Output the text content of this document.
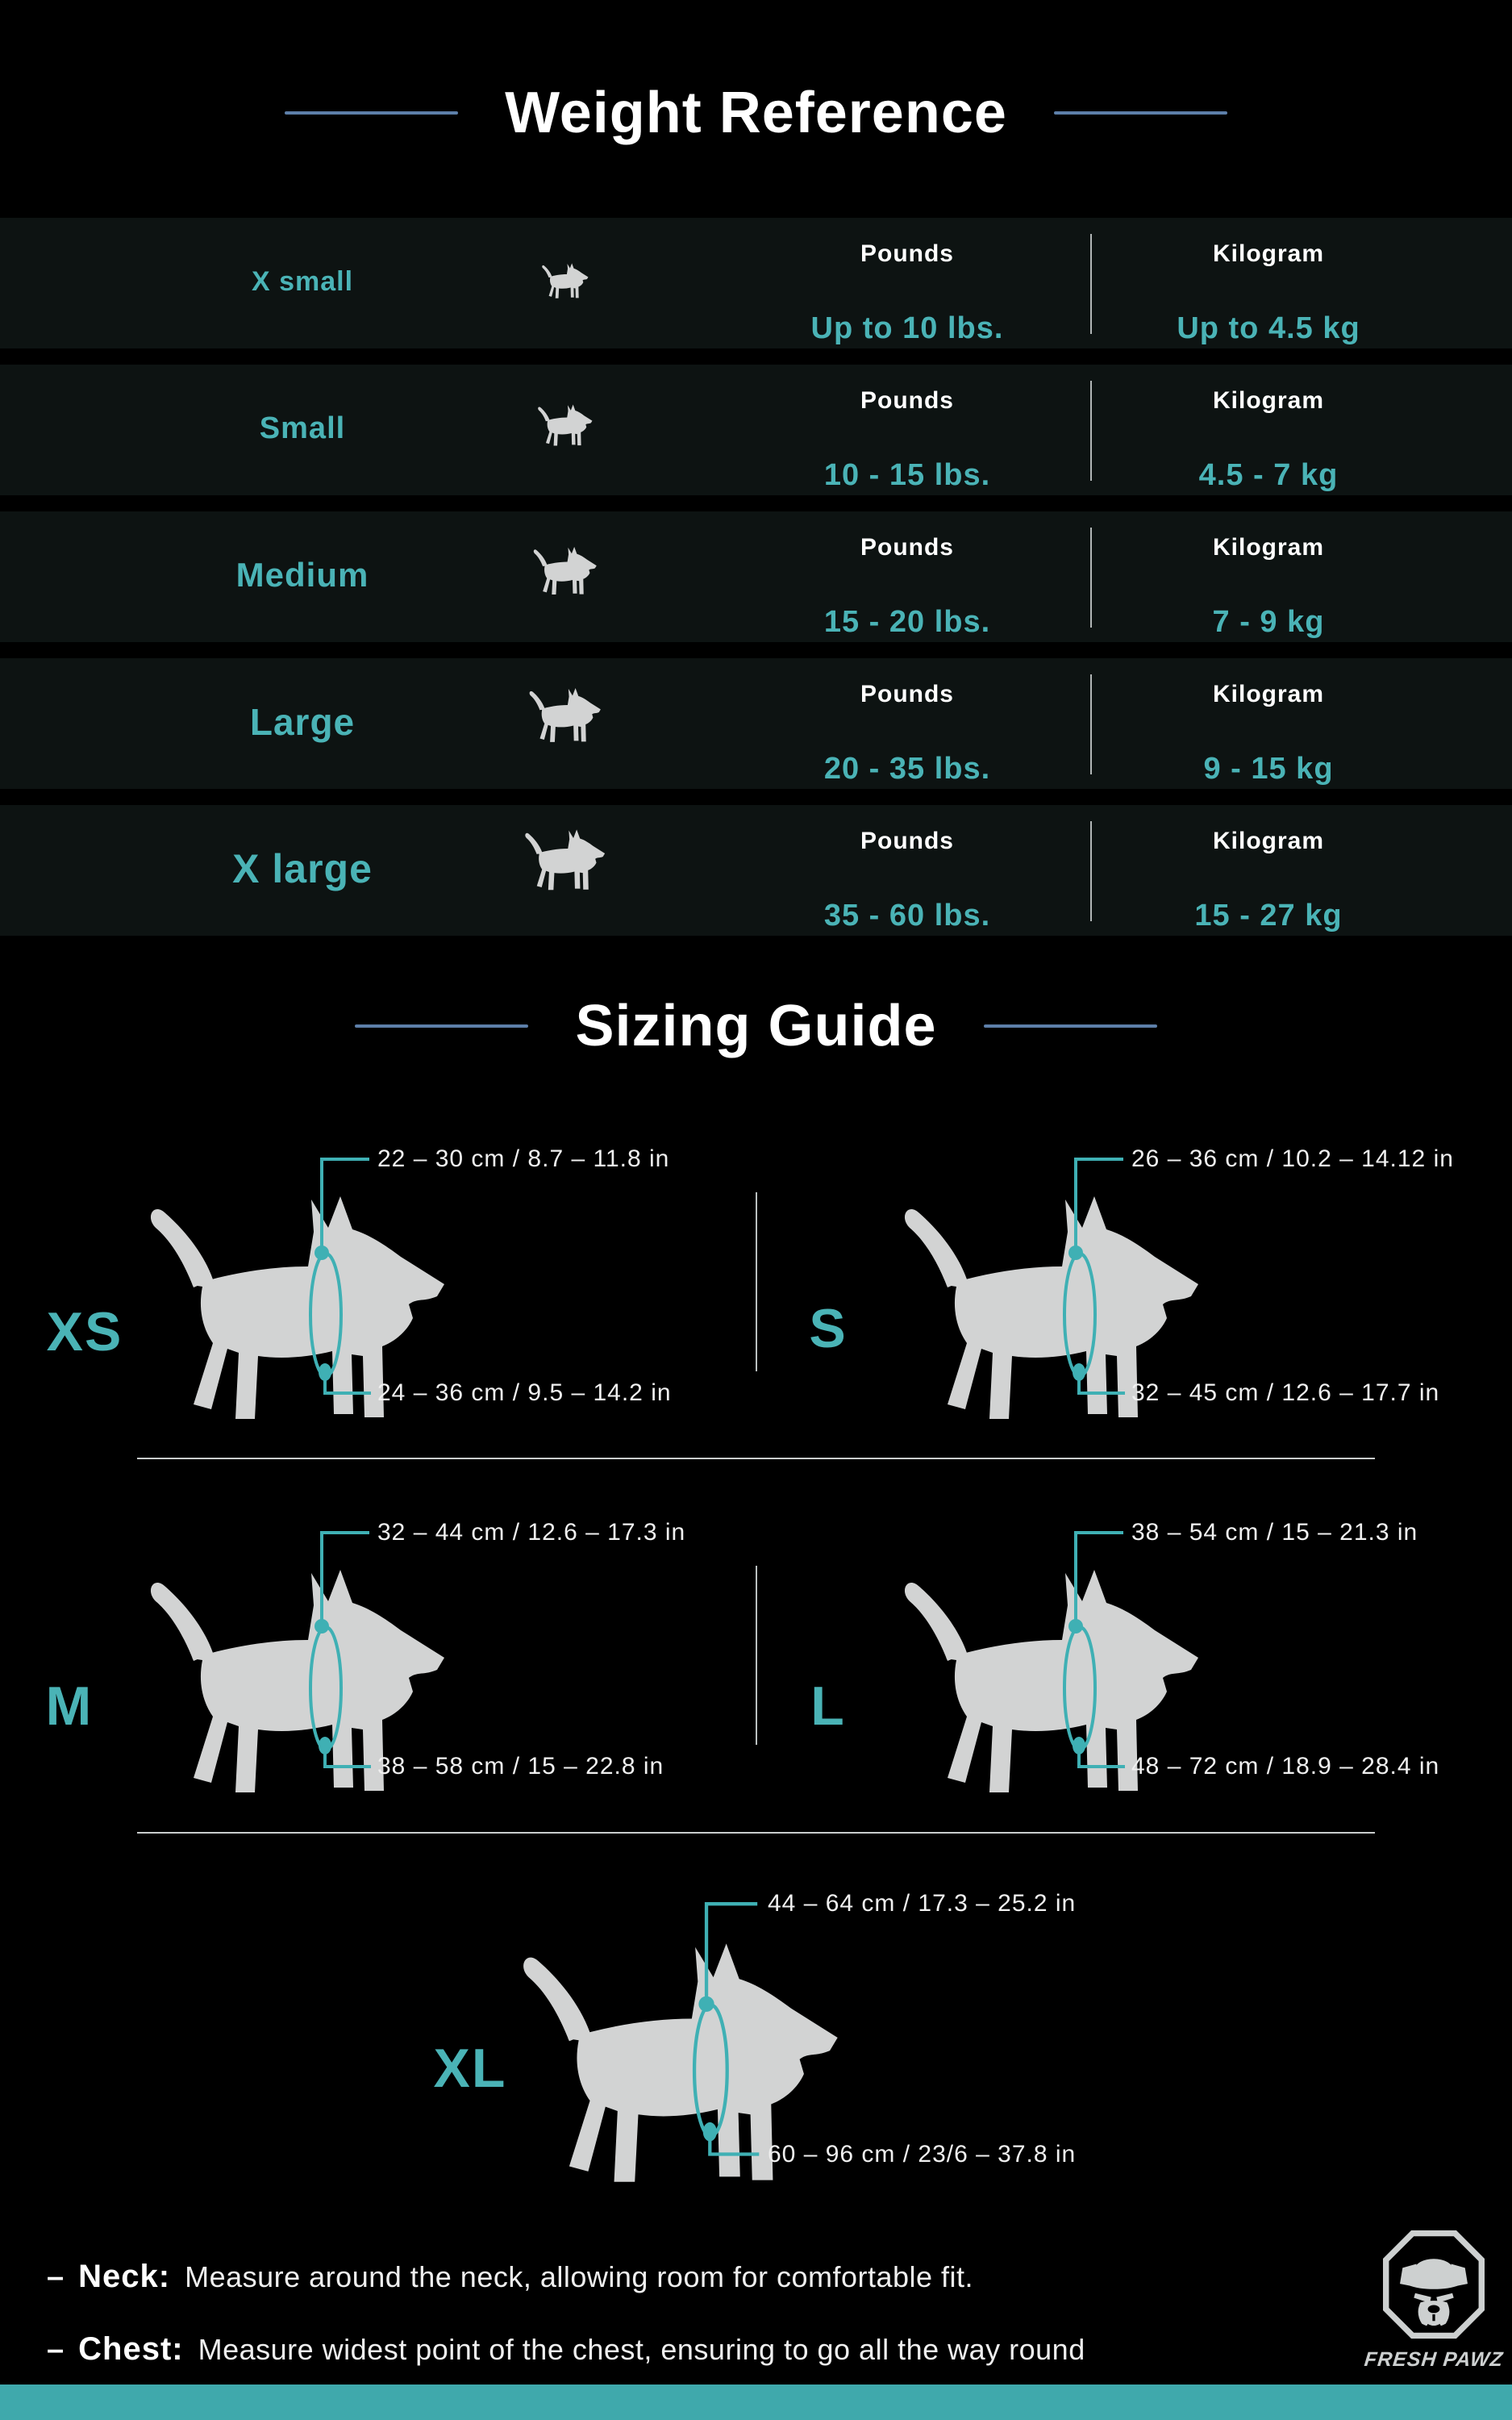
Weight Reference
X small
Pounds
Up to 10 lbs.
Kilogram
Up to 4.5 kg
Small
Pounds
10 - 15 lbs.
Kilogram
4.5 - 7 kg
Medium
Pounds
15 - 20 lbs.
Kilogram
7 - 9 kg
Large
Pounds
20 - 35 lbs.
Kilogram
9 - 15 kg
X large
Pounds
35 - 60 lbs.
Kilogram
15 - 27 kg
Sizing Guide
XS
22 – 30 cm / 8.7 – 11.8 in
24 – 36 cm / 9.5 – 14.2 in
S
26 – 36 cm / 10.2 – 14.12 in
32 – 45 cm / 12.6 – 17.7 in
M
32 – 44 cm / 12.6 – 17.3 in
38 – 58 cm / 15 – 22.8 in
L
38 – 54 cm / 15 – 21.3 in
48 – 72 cm / 18.9 – 28.4 in
XL
44 – 64 cm / 17.3 – 25.2 in
60 – 96 cm / 23/6 – 37.8 in
– Neck: Measure around the neck, allowing room for comfortable fit.
– Chest: Measure widest point of the chest, ensuring to go all the way round	FRESH PAWZ
